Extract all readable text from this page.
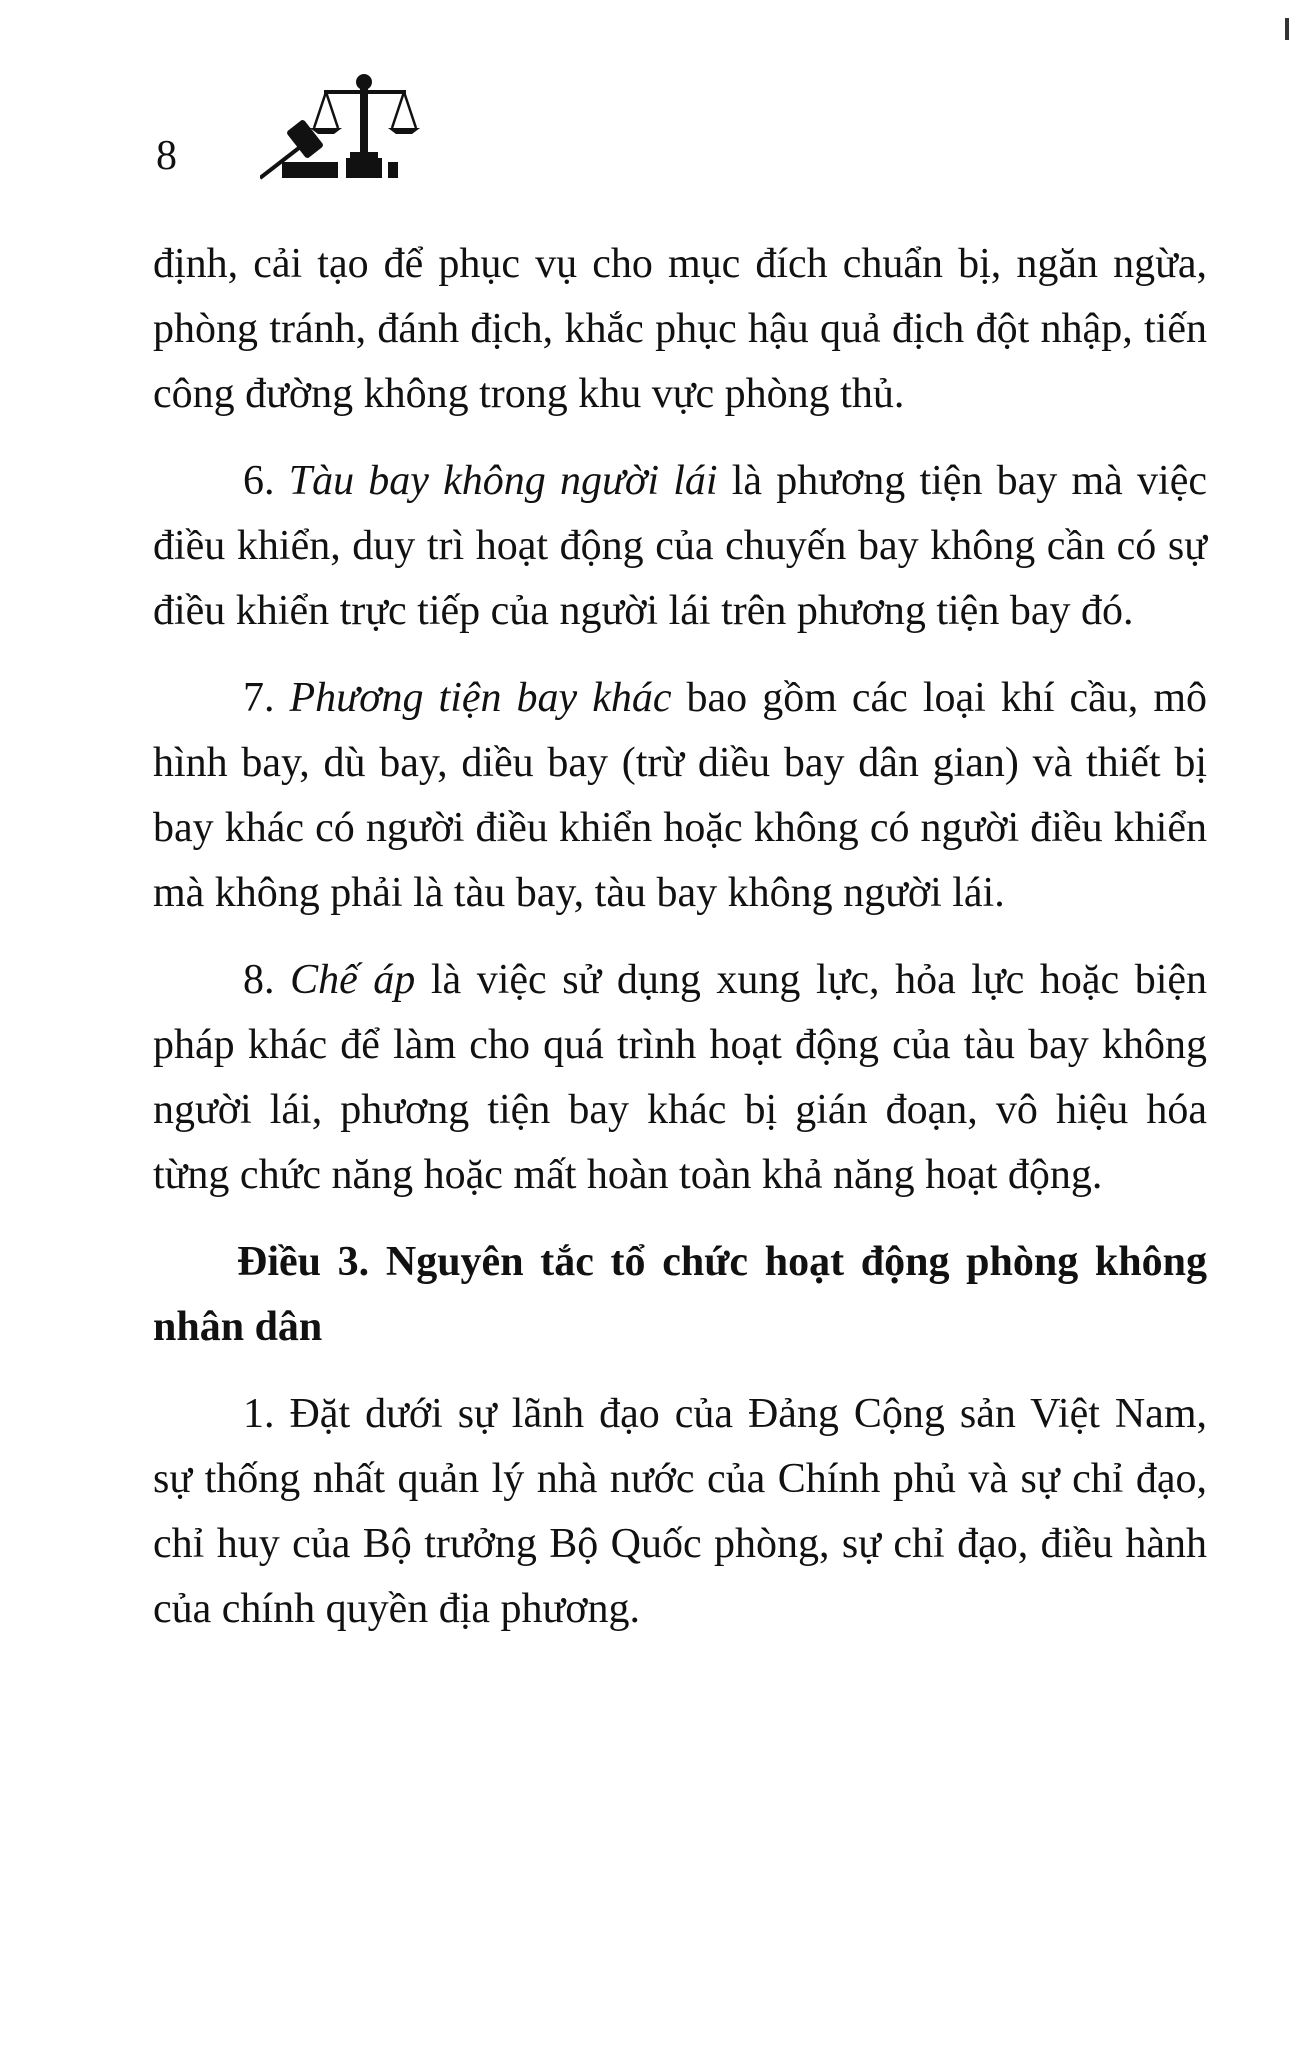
8

định, cải tạo để phục vụ cho mục đích chuẩn bị, ngăn ngừa, phòng tránh, đánh địch, khắc phục hậu quả địch đột nhập, tiến công đường không trong khu vực phòng thủ.

6. Tàu bay không người lái là phương tiện bay mà việc điều khiển, duy trì hoạt động của chuyến bay không cần có sự điều khiển trực tiếp của người lái trên phương tiện bay đó.

7. Phương tiện bay khác bao gồm các loại khí cầu, mô hình bay, dù bay, diều bay (trừ diều bay dân gian) và thiết bị bay khác có người điều khiển hoặc không có người điều khiển mà không phải là tàu bay, tàu bay không người lái.

8. Chế áp là việc sử dụng xung lực, hỏa lực hoặc biện pháp khác để làm cho quá trình hoạt động của tàu bay không người lái, phương tiện bay khác bị gián đoạn, vô hiệu hóa từng chức năng hoặc mất hoàn toàn khả năng hoạt động.

Điều 3. Nguyên tắc tổ chức hoạt động phòng không nhân dân

1. Đặt dưới sự lãnh đạo của Đảng Cộng sản Việt Nam, sự thống nhất quản lý nhà nước của Chính phủ và sự chỉ đạo, chỉ huy của Bộ trưởng Bộ Quốc phòng, sự chỉ đạo, điều hành của chính quyền địa phương.
